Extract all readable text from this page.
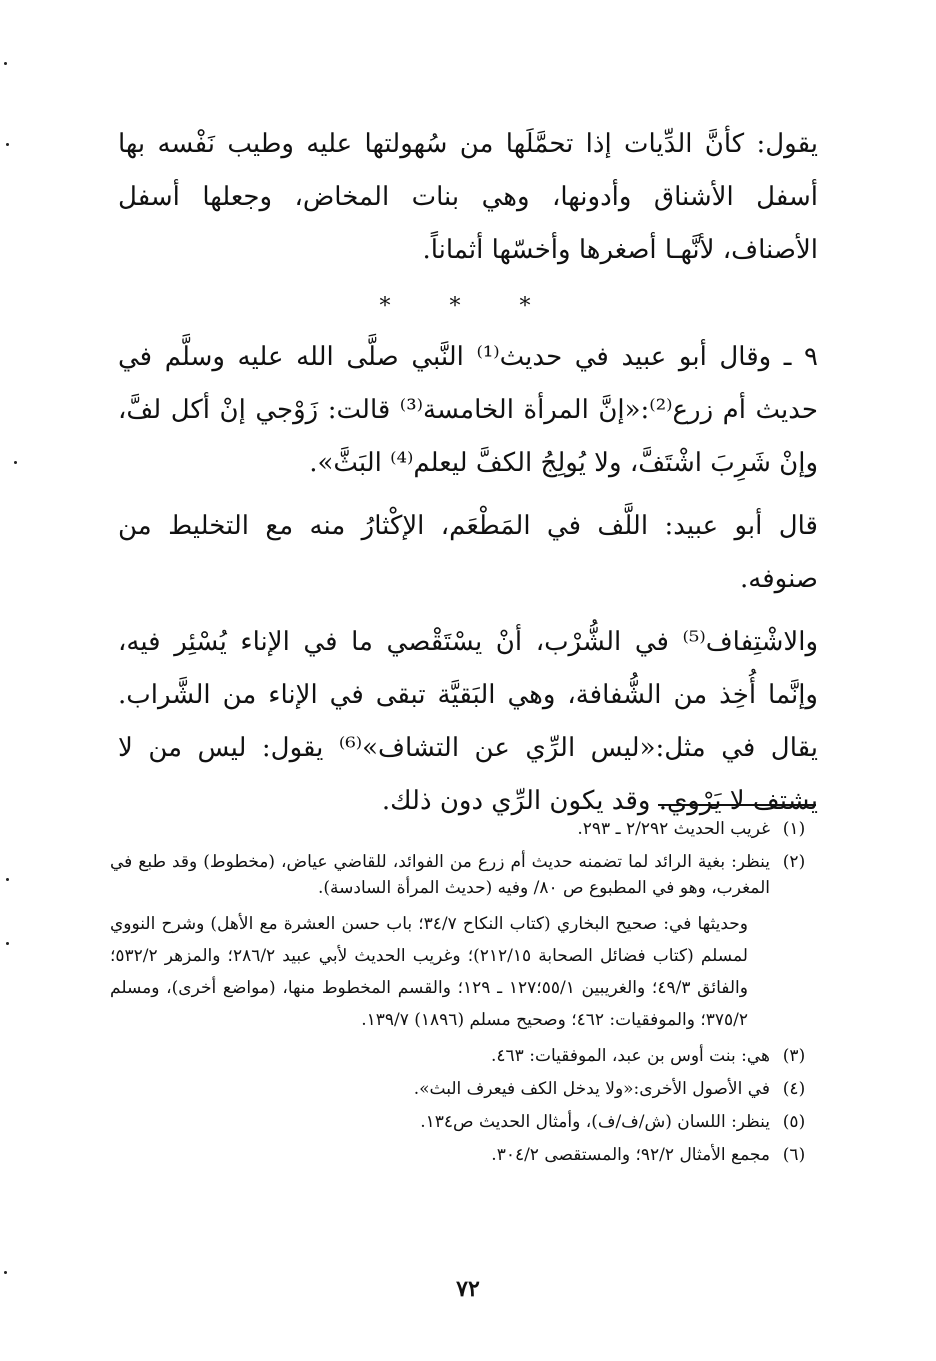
يقول: كأنَّ الدِّيات إذا تحمَّلَها من سُهولتها عليه وطيب نَفْسه بها أسفل الأشناق وأدونها، وهي بنات المخاض، وجعلها أسفل الأصناف، لأنَّهـا أصغرها وأخسّها أثماناً.

* * *

٩ ـ وقال أبو عبيد في حديث⁽¹⁾ النَّبي صلَّى الله عليه وسلَّم في حديث أم زرع⁽²⁾:«إنَّ المرأة الخامسة⁽³⁾ قالت: زَوْجي إنْ أكل لفَّ، وإنْ شَرِبَ اشْتَفَّ، ولا يُولِجُ الكفَّ ليعلم⁽⁴⁾ البَثَّ».

قال أبو عبيد: اللَّف في المَطْعَم، الإكْثارُ منه مع التخليط من صنوفه.

والاشْتِفاف⁽⁵⁾ في الشُّرْب، أنْ يسْتَقْصي ما في الإناء يُسْئِر فيه، وإنَّما أُخِذ من الشُّفافة، وهي البَقيَّة تبقى في الإناء من الشَّراب. يقال في مثل:«ليس الرِّي عن التشاف»⁽⁶⁾ يقول: ليس من لا يشتف لا يَرْوي. وقد يكون الرِّي دون ذلك.

(١)
غريب الحديث ٢/٢٩٢ ـ ٢٩٣.
(٢)
ينظر: بغية الرائد لما تضمنه حديث أم زرع من الفوائد، للقاضي عياض، (مخطوط) وقد طبع في المغرب، وهو في المطبوع ص ٨٠/ وفيه (حديث المرأة السادسة).
وحديثها في: صحيح البخاري (كتاب النكاح ٣٤/٧؛ باب حسن العشرة مع الأهل) وشرح النووي لمسلم (كتاب فضائل الصحابة ٢١٢/١٥)؛ وغريب الحديث لأبي عبيد ٢٨٦/٢؛ والمزهر ٥٣٢/٢؛ والفائق ٤٩/٣؛ والغريبين ٥٥/١؛١٢٧ ـ ١٢٩؛ والقسم المخطوط منها، (مواضع أخرى)، ومسلم ٣٧٥/٢؛ والموفقيات: ٤٦٢؛ وصحيح مسلم (١٨٩٦) ١٣٩/٧.
(٣)
هي: بنت أوس بن عبد، الموفقيات: ٤٦٣.
(٤)
في الأصول الأخرى:«ولا يدخل الكف فيعرف البث».
(٥)
ينظر: اللسان (ش/ف/ف)، وأمثال الحديث ص١٣٤.
(٦)
مجمع الأمثال ٩٢/٢؛ والمستقصى ٣٠٤/٢.
٧٢
